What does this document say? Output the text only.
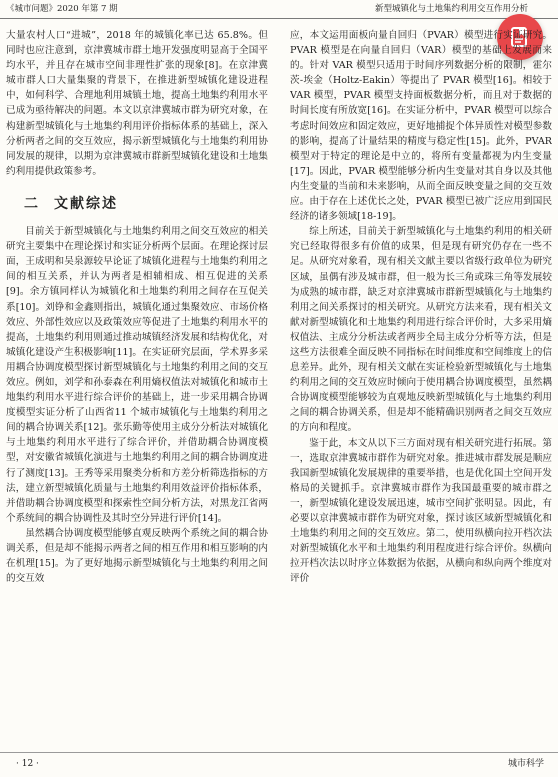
《城市问题》2020 年第 7 期	新型城镇化与土地集约利用交互作用分析

大量农村人口“进城”，2018 年的城镇化率已达 65.8%。但同时也应注意到，京津冀城市群土地开发强度明显高于全国平均水平，并且存在城市空间非理性扩张的现象[8]。在京津冀城市群人口大量集聚的背景下，在推进新型城镇化建设进程中，如何科学、合理地利用城镇土地，提高土地集约利用水平已成为亟待解决的问题。本文以京津冀城市群为研究对象，在构建新型城镇化与土地集约利用评价指标体系的基础上，深入分析两者之间的交互效应，揭示新型城镇化与土地集约利用协同发展的规律，以期为京津冀城市群新型城镇化建设和土地集约利用提供政策参考。

二 文献综述

目前关于新型城镇化与土地集约利用之间交互效应的相关研究主要集中在理论探讨和实证分析两个层面。在理论探讨层面，王成明和吴泉源较早论证了城镇化进程与土地集约利用之间的相互关系，并认为两者是相辅相成、相互促进的关系[9]。余方镇同样认为城镇化和土地集约利用之间存在互促关系[10]。刘铮和金鑫则指出，城镇化通过集聚效应、市场价格效应、外部性效应以及政策效应等促进了土地集约利用水平的提高，土地集约利用则通过推动城镇经济发展和结构优化，对城镇化建设产生积极影响[11]。在实证研究层面，学术界多采用耦合协调度模型探讨新型城镇化与土地集约利用之间的交互效应。例如，刘学和孙泰森在利用熵权值法对城镇化和城市土地集约利用水平进行综合评价的基础上，进一步采用耦合协调度模型实证分析了山西省11 个城市城镇化与土地集约利用之间的耦合协调关系[12]。张乐勤等使用主成分分析法对城镇化与土地集约利用水平进行了综合评价，并借助耦合协调度模型，对安徽省城镇化演进与土地集约利用之间的耦合协调度进行了测度[13]。王秀等采用聚类分析和方差分析筛选指标的方法，建立新型城镇化质量与土地集约利用效益评价指标体系，并借助耦合协调度模型和探索性空间分析方法，对黑龙江省两个系统间的耦合协调性及其时空分异进行评价[14]。

虽然耦合协调度模型能够直观反映两个系统之间的耦合协调关系，但是却不能揭示两者之间的相互作用和相互影响的内在机理[15]。为了更好地揭示新型城镇化与土地集约利用之间的交互效

应，本文运用面板向量自回归（PVAR）模型进行实证研究。PVAR 模型是在向量自回归（VAR）模型的基础上发展而来的。针对 VAR 模型只适用于时间序列数据分析的限制，霍尔茨-埃金（Holtz-Eakin）等提出了 PVAR 模型[16]。相较于 VAR 模型，PVAR 模型支持面板数据分析，而且对于数据的时间长度有所放宽[16]。在实证分析中，PVAR 模型可以综合考虑时间效应和固定效应，更好地捕捉个体异质性对模型参数的影响，提高了计量结果的精度与稳定性[15]。此外，PVAR 模型对于特定的理论是中立的，将所有变量都视为内生变量[17]。因此，PVAR 模型能够分析内生变量对其自身以及其他内生变量的当前和未来影响，从而全面反映变量之间的交互效应。由于存在上述优长之处，PVAR 模型已被广泛应用到国民经济的诸多领域[18-19]。

综上所述，目前关于新型城镇化与土地集约利用的相关研究已经取得很多有价值的成果，但是现有研究仍存在一些不足。从研究对象看，现有相关文献主要以省级行政单位为研究区域，虽偶有涉及城市群，但一般为长三角或珠三角等发展较为成熟的城市群，缺乏对京津冀城市群新型城镇化与土地集约利用之间关系探讨的相关研究。从研究方法来看，现有相关文献对新型城镇化和土地集约利用进行综合评价时，大多采用熵权值法、主成分分析法或者两步全局主成分分析等方法，但是这些方法很难全面反映不同指标在时间维度和空间维度上的信息差异。此外，现有相关文献在实证检验新型城镇化与土地集约利用之间的交互效应时倾向于使用耦合协调度模型，虽然耦合协调度模型能够较为直观地反映新型城镇化与土地集约利用之间的耦合协调关系，但是却不能精确识别两者之间交互效应的方向和程度。

鉴于此，本文从以下三方面对现有相关研究进行拓展。第一，选取京津冀城市群作为研究对象。推进城市群发展是顺应我国新型城镇化发展规律的重要举措，也是优化国土空间开发格局的关键抓手。京津冀城市群作为我国最重要的城市群之一，新型城镇化建设发展迅速，城市空间扩张明显。因此，有必要以京津冀城市群作为研究对象，探讨该区域新型城镇化和土地集约利用之间的交互效应。第二，使用纵横向拉开档次法对新型城镇化水平和土地集约利用程度进行综合评价。纵横向拉开档次法以时序立体数据为依据，从横向和纵向两个维度对评价

· 12 ·	城市科学
